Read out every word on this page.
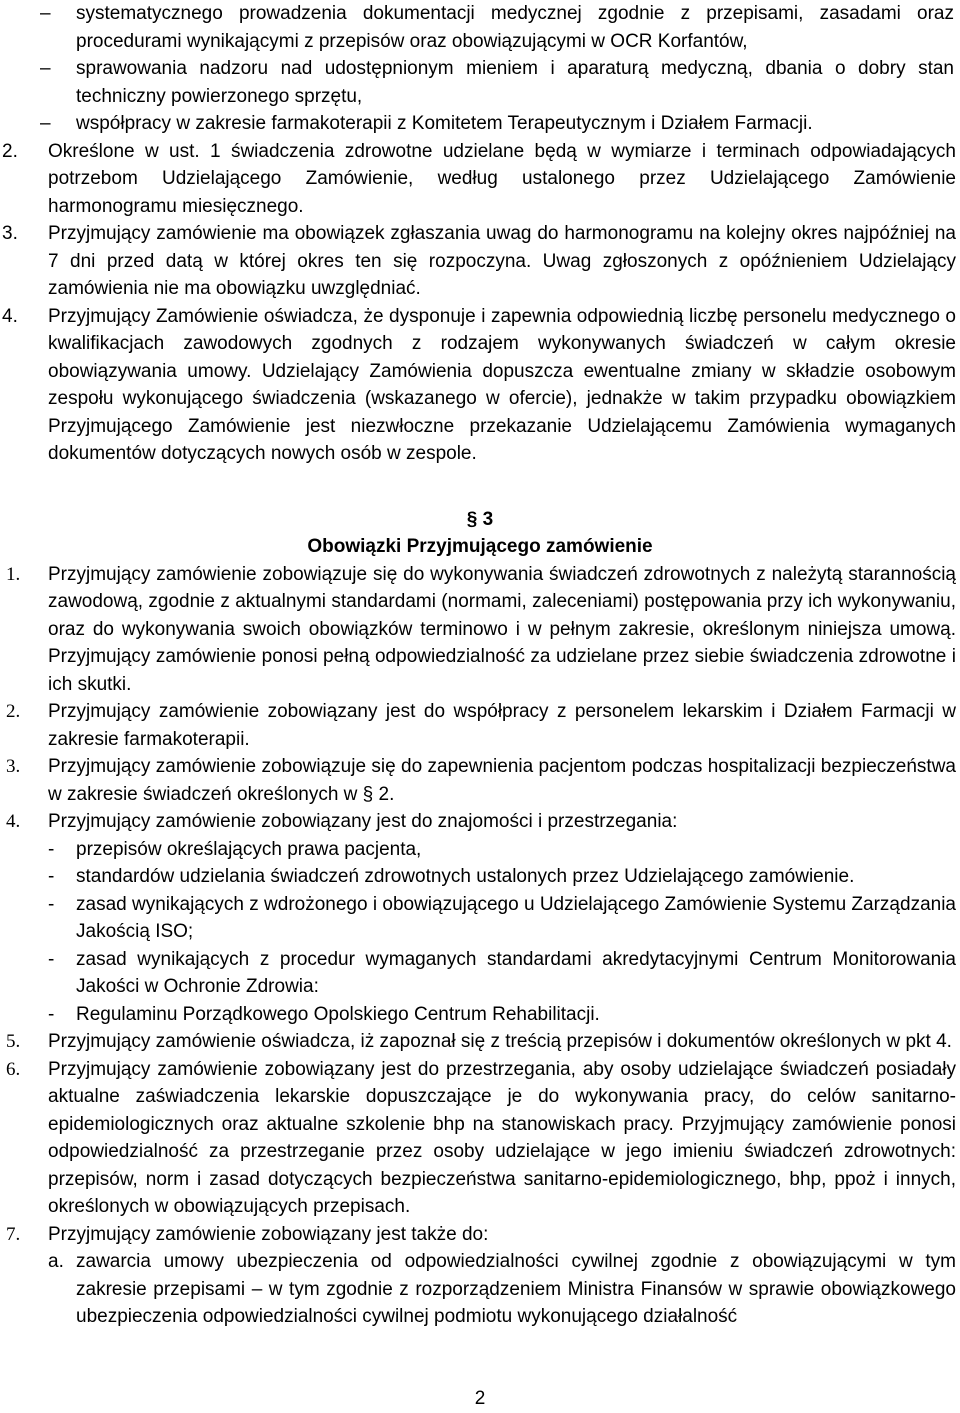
– systematycznego prowadzenia dokumentacji medycznej zgodnie z przepisami, zasadami oraz procedurami wynikającymi z przepisów oraz obowiązującymi w OCR Korfantów,
– sprawowania nadzoru nad udostępnionym mieniem i aparaturą medyczną, dbania o dobry stan techniczny powierzonego sprzętu,
– współpracy w zakresie farmakoterapii z Komitetem Terapeutycznym i Działem Farmacji.
2. Określone w ust. 1 świadczenia zdrowotne udzielane będą w wymiarze i terminach odpowiadających potrzebom Udzielającego Zamówienie, według ustalonego przez Udzielającego Zamówienie harmonogramu miesięcznego.
3. Przyjmujący zamówienie ma obowiązek zgłaszania uwag do harmonogramu na kolejny okres najpóźniej na 7 dni przed datą w której okres ten się rozpoczyna. Uwag zgłoszonych z opóźnieniem Udzielający zamówienia nie ma obowiązku uwzględniać.
4. Przyjmujący Zamówienie oświadcza, że dysponuje i zapewnia odpowiednią liczbę personelu medycznego o kwalifikacjach zawodowych zgodnych z rodzajem wykonywanych świadczeń w całym okresie obowiązywania umowy. Udzielający Zamówienia dopuszcza ewentualne zmiany w składzie osobowym zespołu wykonującego świadczenia (wskazanego w ofercie), jednakże w takim przypadku obowiązkiem Przyjmującego Zamówienie jest niezwłoczne przekazanie Udzielającemu Zamówienia wymaganych dokumentów dotyczących nowych osób w zespole.
§ 3
Obowiązki Przyjmującego zamówienie
1. Przyjmujący zamówienie zobowiązuje się do wykonywania świadczeń zdrowotnych z należytą starannością zawodową, zgodnie z aktualnymi standardami (normami, zaleceniami) postępowania przy ich wykonywaniu, oraz do wykonywania swoich obowiązków terminowo i w pełnym zakresie, określonym niniejsza umową. Przyjmujący zamówienie ponosi pełną odpowiedzialność za udzielane przez siebie świadczenia zdrowotne i ich skutki.
2. Przyjmujący zamówienie zobowiązany jest do współpracy z personelem lekarskim i Działem Farmacji w zakresie farmakoterapii.
3. Przyjmujący zamówienie zobowiązuje się do zapewnienia pacjentom podczas hospitalizacji bezpieczeństwa w zakresie świadczeń określonych w § 2.
4. Przyjmujący zamówienie zobowiązany jest do znajomości i przestrzegania:
- przepisów określających prawa pacjenta,
- standardów udzielania świadczeń zdrowotnych ustalonych przez Udzielającego zamówienie.
- zasad wynikających z wdrożonego i obowiązującego u Udzielającego Zamówienie Systemu Zarządzania Jakością ISO;
- zasad wynikających z procedur wymaganych standardami akredytacyjnymi Centrum Monitorowania Jakości w Ochronie Zdrowia:
- Regulaminu Porządkowego Opolskiego Centrum Rehabilitacji.
5. Przyjmujący zamówienie oświadcza, iż zapoznał się z treścią przepisów i dokumentów określonych w pkt 4.
6. Przyjmujący zamówienie zobowiązany jest do przestrzegania, aby osoby udzielające świadczeń posiadały aktualne zaświadczenia lekarskie dopuszczające je do wykonywania pracy, do celów sanitarno-epidemiologicznych oraz aktualne szkolenie bhp na stanowiskach pracy. Przyjmujący zamówienie ponosi odpowiedzialność za przestrzeganie przez osoby udzielające w jego imieniu świadczeń zdrowotnych: przepisów, norm i zasad dotyczących bezpieczeństwa sanitarno-epidemiologicznego, bhp, ppoż i innych, określonych w obowiązujących przepisach.
7. Przyjmujący zamówienie zobowiązany jest także do:
a. zawarcia umowy ubezpieczenia od odpowiedzialności cywilnej zgodnie z obowiązującymi w tym zakresie przepisami – w tym zgodnie z rozporządzeniem Ministra Finansów w sprawie obowiązkowego ubezpieczenia odpowiedzialności cywilnej podmiotu wykonującego działalność
2
